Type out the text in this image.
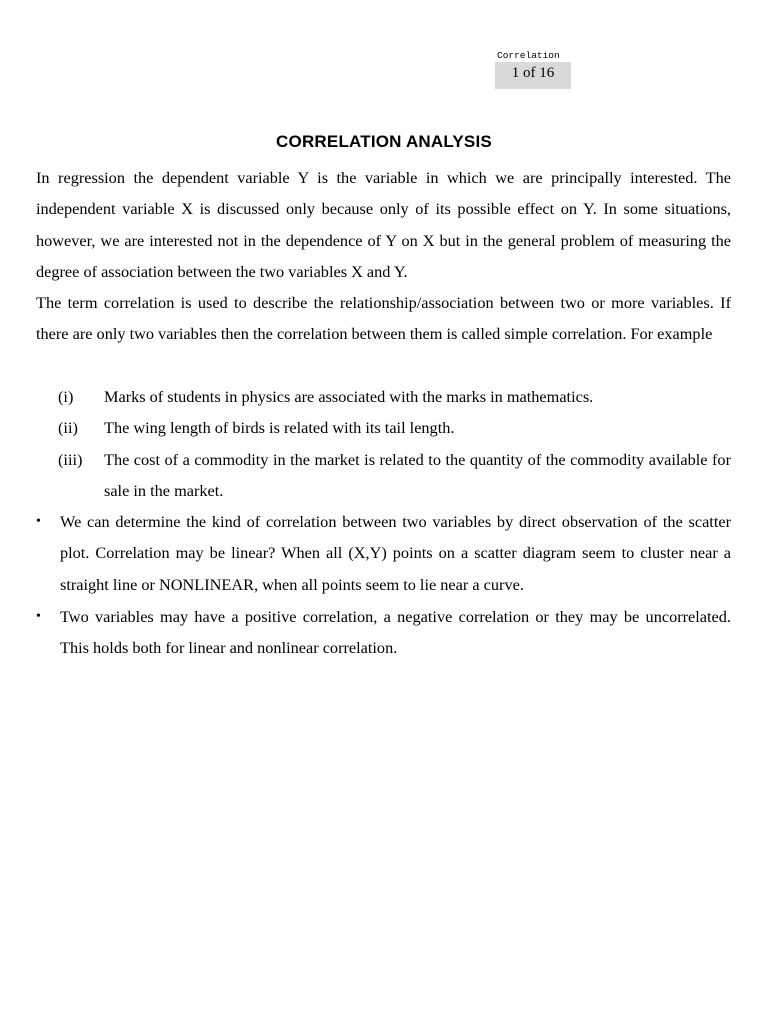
Correlation
1 of 16
CORRELATION ANALYSIS

In regression the dependent variable Y is the variable in which we are principally interested. The independent variable X is discussed only because only of its possible effect on Y. In some situations, however, we are interested not in the dependence of Y on X but in the general problem of measuring the degree of association between the two variables X and Y.

The term correlation is used to describe the relationship/association between two or more variables. If there are only two variables then the correlation between them is called simple correlation. For example

(i)	Marks of students in physics are associated with the marks in mathematics.
(ii)	The wing length of birds is related with its tail length.
(iii)	The cost of a commodity in the market is related to the quantity of the commodity available for sale in the market.
•	We can determine the kind of correlation between two variables by direct observation of the scatter plot. Correlation may be linear? When all (X,Y) points on a scatter diagram seem to cluster near a straight line or NONLINEAR, when all points seem to lie near a curve.
•	Two variables may have a positive correlation, a negative correlation or they may be uncorrelated. This holds both for linear and nonlinear correlation.
